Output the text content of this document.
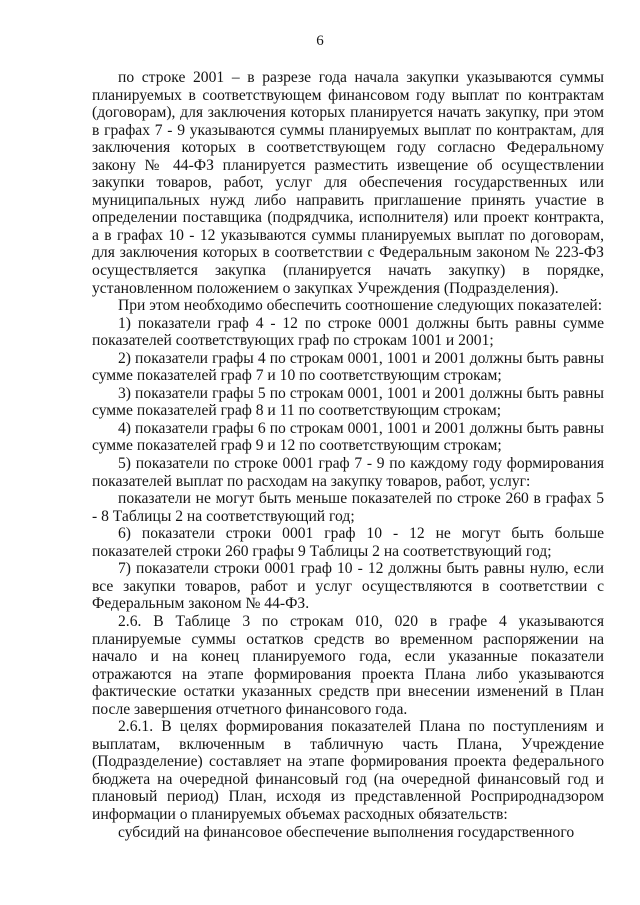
6

по строке 2001 – в разрезе года начала закупки указываются суммы планируемых в соответствующем финансовом году выплат по контрактам (договорам), для заключения которых планируется начать закупку, при этом в графах 7 - 9 указываются суммы планируемых выплат по контрактам, для заключения которых в соответствующем году согласно Федеральному закону № 44-ФЗ планируется разместить извещение об осуществлении закупки товаров, работ, услуг для обеспечения государственных или муниципальных нужд либо направить приглашение принять участие в определении поставщика (подрядчика, исполнителя) или проект контракта, а в графах 10 - 12 указываются суммы планируемых выплат по договорам, для заключения которых в соответствии с Федеральным законом № 223-ФЗ осуществляется закупка (планируется начать закупку) в порядке, установленном положением о закупках Учреждения (Подразделения).

При этом необходимо обеспечить соотношение следующих показателей:

1) показатели граф 4 - 12 по строке 0001 должны быть равны сумме показателей соответствующих граф по строкам 1001 и 2001;

2) показатели графы 4 по строкам 0001, 1001 и 2001 должны быть равны сумме показателей граф 7 и 10 по соответствующим строкам;

3) показатели графы 5 по строкам 0001, 1001 и 2001 должны быть равны сумме показателей граф 8 и 11 по соответствующим строкам;

4) показатели графы 6 по строкам 0001, 1001 и 2001 должны быть равны сумме показателей граф 9 и 12 по соответствующим строкам;

5) показатели по строке 0001 граф 7 - 9 по каждому году формирования показателей выплат по расходам на закупку товаров, работ, услуг:

показатели не могут быть меньше показателей по строке 260 в графах 5 - 8 Таблицы 2 на соответствующий год;

6) показатели строки 0001 граф 10 - 12 не могут быть больше показателей строки 260 графы 9 Таблицы 2 на соответствующий год;

7) показатели строки 0001 граф 10 - 12 должны быть равны нулю, если все закупки товаров, работ и услуг осуществляются в соответствии с Федеральным законом № 44-ФЗ.

2.6. В Таблице 3 по строкам 010, 020 в графе 4 указываются планируемые суммы остатков средств во временном распоряжении на начало и на конец планируемого года, если указанные показатели отражаются на этапе формирования проекта Плана либо указываются фактические остатки указанных средств при внесении изменений в План после завершения отчетного финансового года.

2.6.1. В целях формирования показателей Плана по поступлениям и выплатам, включенным в табличную часть Плана, Учреждение (Подразделение) составляет на этапе формирования проекта федерального бюджета на очередной финансовый год (на очередной финансовый год и плановый период) План, исходя из представленной Росприроднадзором информации о планируемых объемах расходных обязательств:

субсидий на финансовое обеспечение выполнения государственного
